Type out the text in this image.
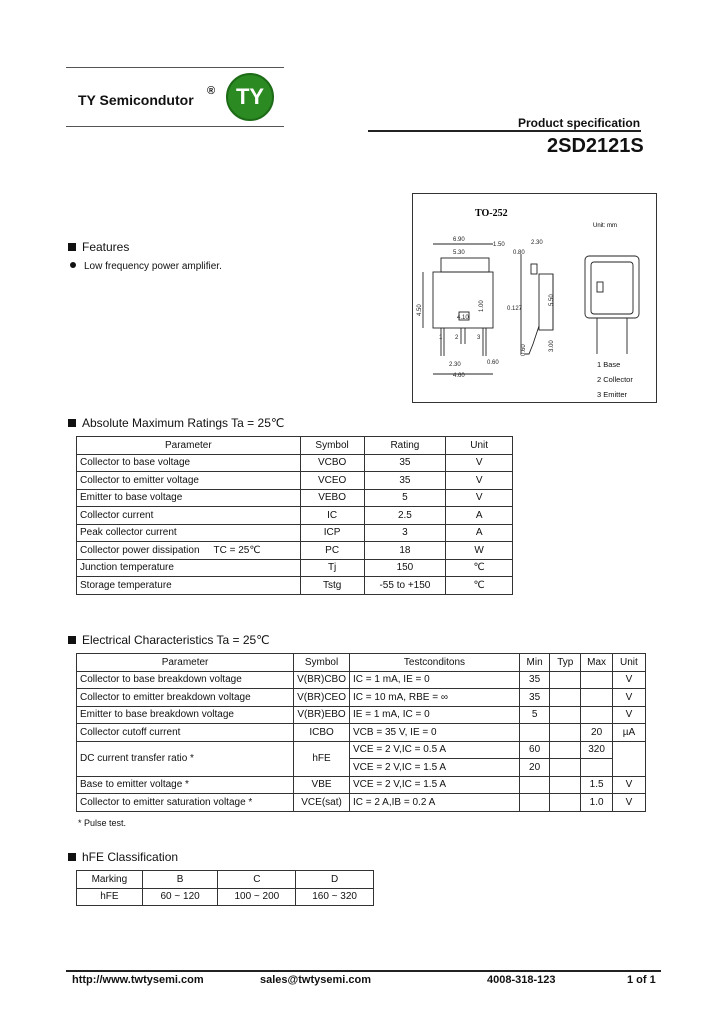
TY Semicondutor
® TY
Product specification
2SD2121S
Features
Low frequency power amplifier.
TO-252
Unit: mm
6.90
5.30
1.50
0.80
2.30
0.127
4.10
5.50
1.00
3.00
0.60
4.50
2.30
4.60
0.60
1 2	3
1 Base
2 Collector
3 Emitter
Absolute Maximum Ratings Ta = 25℃
Parameter	Symbol	Rating	Unit
Collector to base voltage	VCBO	35	V
Collector to emitter voltage	VCEO	35	V
Emitter to base voltage	VEBO	5	V
Collector current	IC	2.5	A
Peak collector current	ICP	3	A
Collector power dissipation TC = 25℃	PC	18	W
Junction temperature	Tj	150	℃
Storage temperature	Tstg	-55 to +150	℃
Electrical Characteristics Ta = 25℃
Parameter	Symbol	Testconditons	Min	Typ	Max	Unit
Collector to base breakdown voltage	V(BR)CBO	IC = 1 mA, IE = 0	35			V
Collector to emitter breakdown voltage	V(BR)CEO	IC = 10 mA, RBE = ∞	35			V
Emitter to base breakdown voltage	V(BR)EBO	IE = 1 mA, IC = 0	5			V
Collector cutoff current	ICBO	VCB = 35 V, IE = 0			20	µA
DC current transfer ratio *	hFE	VCE = 2 V,IC = 0.5 A	60		320	
		VCE = 2 V,IC = 1.5 A	20			
Base to emitter voltage *	VBE	VCE = 2 V,IC = 1.5 A			1.5	V
Collector to emitter saturation voltage *	VCE(sat)	IC = 2 A,IB = 0.2 A			1.0	V
* Pulse test.
hFE Classification
Marking	B	C	D
hFE	60 ~ 120	100 ~ 200	160 ~ 320
http://www.twtysemi.com	sales@twtysemi.com	4008-318-123	1 of 1
